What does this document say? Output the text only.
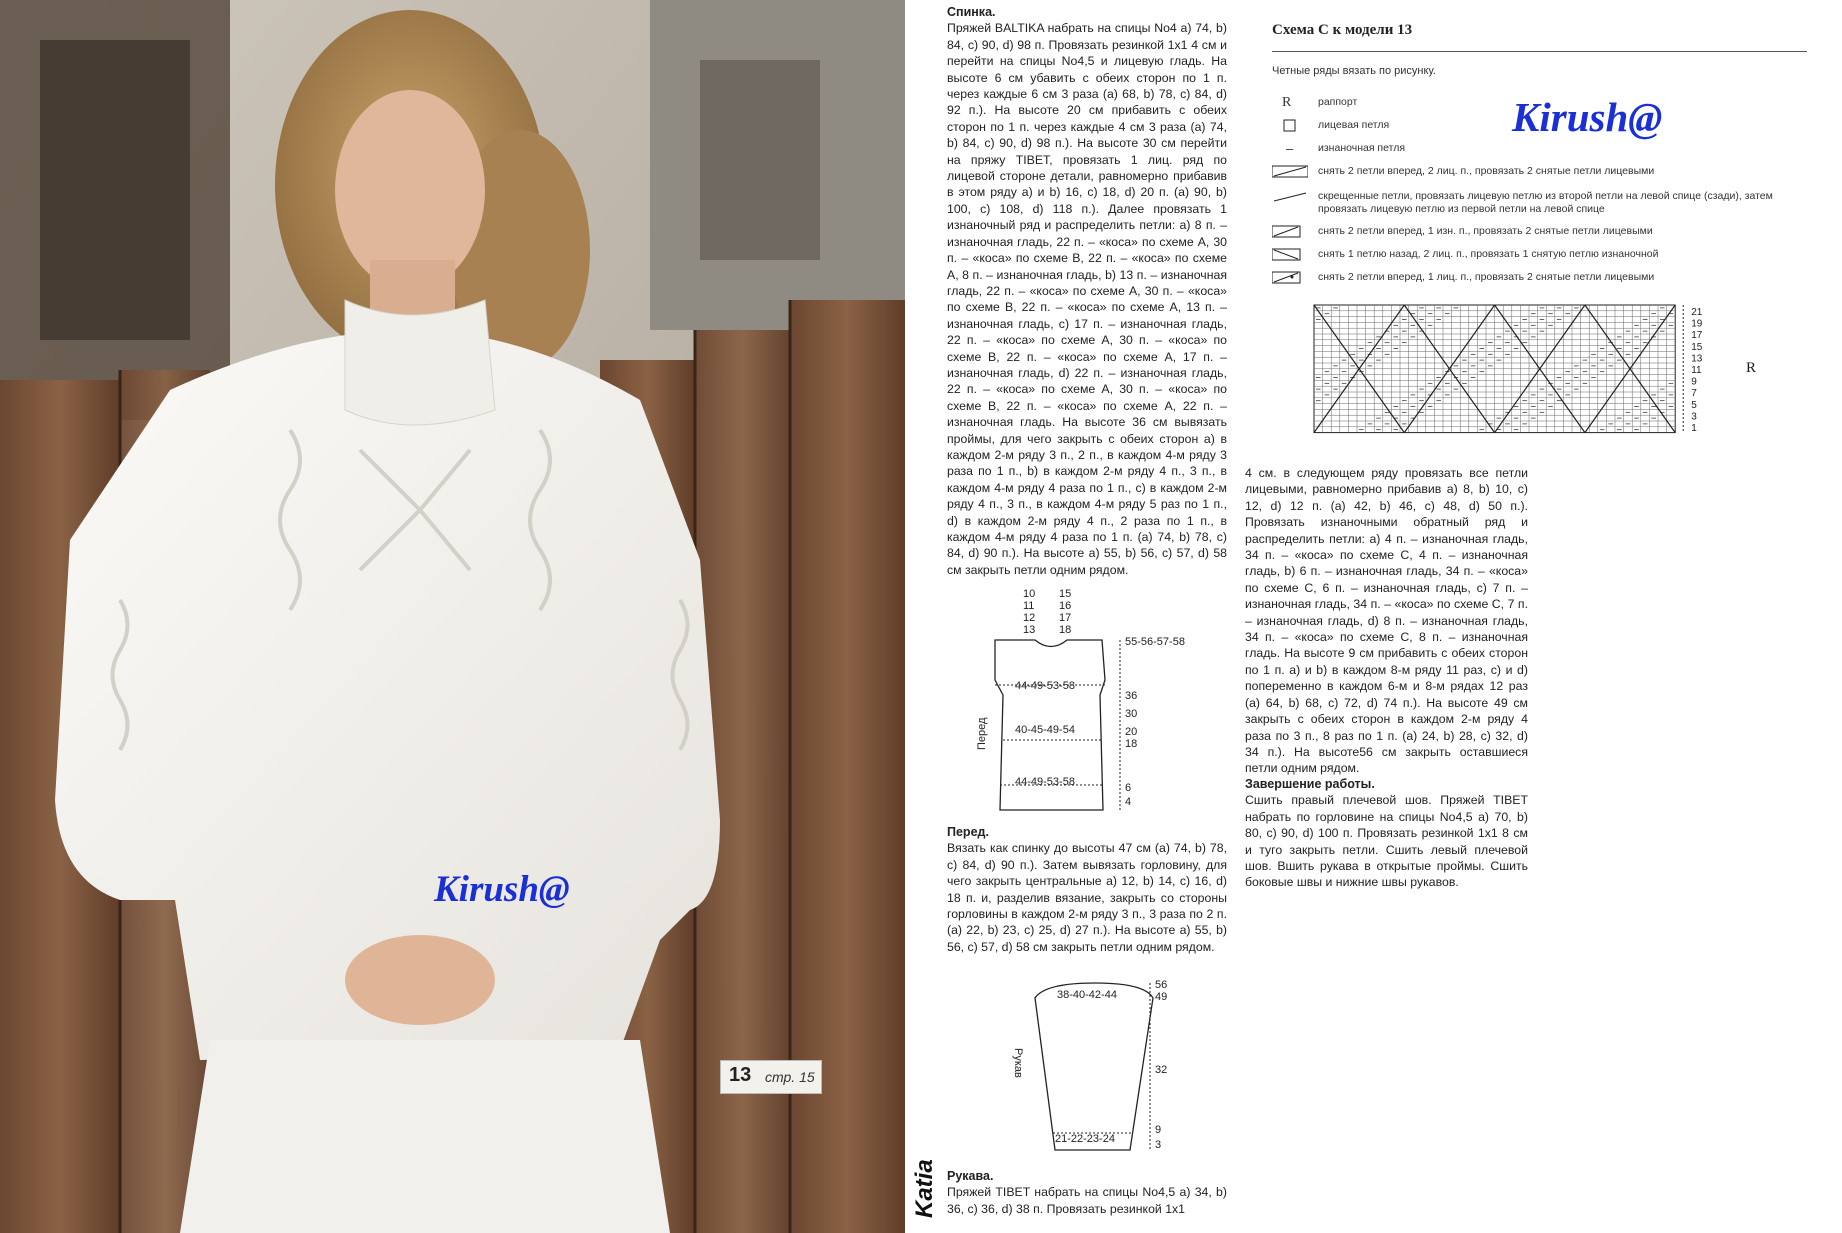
13 стр. 15
Kirush@
Спинка.

Пряжей BALTIKA набрать на спицы No4 a) 74, b) 84, c) 90, d) 98 п. Провязать резинкой 1x1 4 см и перейти на спицы No4,5 и лицевую гладь. На высоте 6 см убавить с обеих сторон по 1 п. через каждые 6 см 3 раза (a) 68, b) 78, c) 84, d) 92 п.). На высоте 20 см прибавить с обеих сторон по 1 п. через каждые 4 см 3 раза (a) 74, b) 84, c) 90, d) 98 п.). На высоте 30 см перейти на пряжу TIBET, провязать 1 лиц. ряд по лицевой стороне детали, равномерно прибавив в этом ряду a) и b) 16, c) 18, d) 20 п. (a) 90, b) 100, c) 108, d) 118 п.). Далее провязать 1 изнаночный ряд и распределить петли: a) 8 п. – изнаночная гладь, 22 п. – «коса» по схеме А, 30 п. – «коса» по схеме В, 22 п. – «коса» по схеме А, 8 п. – изнаночная гладь, b) 13 п. – изнаночная гладь, 22 п. – «коса» по схеме А, 30 п. – «коса» по схеме В, 22 п. – «коса» по схеме А, 13 п. – изнаночная гладь, c) 17 п. – изнаночная гладь, 22 п. – «коса» по схеме А, 30 п. – «коса» по схеме В, 22 п. – «коса» по схеме А, 17 п. – изнаночная гладь, d) 22 п. – изнаночная гладь, 22 п. – «коса» по схеме А, 30 п. – «коса» по схеме В, 22 п. – «коса» по схеме А, 22 п. – изнаночная гладь. На высоте 36 см вывязать проймы, для чего закрыть с обеих сторон a) в каждом 2-м ряду 3 п., 2 п., в каждом 4-м ряду 3 раза по 1 п., b) в каждом 2-м ряду 4 п., 3 п., в каждом 4-м ряду 4 раза по 1 п., c) в каждом 2-м ряду 4 п., 3 п., в каждом 4-м ряду 5 раз по 1 п., d) в каждом 2-м ряду 4 п., 2 раза по 1 п., в каждом 4-м ряду 4 раза по 1 п. (a) 74, b) 78, c) 84, d) 90 п.). На высоте a) 55, b) 56, c) 57, d) 58 см закрыть петли одним рядом.

10
11
12
13
15
16
17
18
55-56-57-58
44-49-53-58
40-45-49-54
44-49-53-58
36
30
20
18
6
4
Перед
Перед.

Вязать как спинку до высоты 47 см (a) 74, b) 78, c) 84, d) 90 п.). Затем вывязать горловину, для чего закрыть центральные a) 12, b) 14, c) 16, d) 18 п. и, разделив вязание, закрыть со стороны горловины в каждом 2-м ряду 3 п., 3 раза по 2 п. (a) 22, b) 23, c) 25, d) 27 п.). На высоте a) 55, b) 56, c) 57, d) 58 см закрыть петли одним рядом.

38-40-42-44
21-22-23-24
56
49
32
9
3
Рукав
Katia Рукава.

Пряжей TIBET набрать на спицы No4,5 a) 34, b) 36, c) 36, d) 38 п. Провязать резинкой 1x1

Схема С к модели 13
Четные ряды вязать по рисунку.
Kirush@
R	раппорт
лицевая петля
–	изнаночная петля
снять 2 петли вперед, 2 лиц. п., провязать 2 снятые петли лицевыми
скрещенные петли, провязать лицевую петлю из второй петли на левой спице (сзади), затем провязать лицевую петлю из первой петли на левой спице
снять 2 петли вперед, 1 изн. п., провязать 2 снятые петли лицевыми
снять 1 петлю назад, 2 лиц. п., провязать 1 снятую петлю изнаночной
снять 2 петли вперед, 1 лиц. п., провязать 2 снятые петли лицевыми
21
19
17
15
13
11
9
7
5
3
1
R

4 см. в следующем ряду провязать все петли лицевыми, равномерно прибавив a) 8, b) 10, c) 12, d) 12 п. (a) 42, b) 46, c) 48, d) 50 п.). Провязать изнаночными обратный ряд и распределить петли: a) 4 п. – изнаночная гладь, 34 п. – «коса» по схеме С, 4 п. – изнаночная гладь, b) 6 п. – изнаночная гладь, 34 п. – «коса» по схеме С, 6 п. – изнаночная гладь, c) 7 п. – изнаночная гладь, 34 п. – «коса» по схеме С, 7 п. – изнаночная гладь, d) 8 п. – изнаночная гладь, 34 п. – «коса» по схеме С, 8 п. – изнаночная гладь. На высоте 9 см прибавить с обеих сторон по 1 п. a) и b) в каждом 8-м ряду 11 раз, c) и d) попеременно в каждом 6-м и 8-м рядах 12 раз (a) 64, b) 68, c) 72, d) 74 п.). На высоте 49 см закрыть с обеих сторон в каждом 2-м ряду 4 раза по 3 п., 8 раз по 1 п. (a) 24, b) 28, c) 32, d) 34 п.). На высоте56 см закрыть оставшиеся петли одним рядом.

Завершение работы.

Сшить правый плечевой шов. Пряжей TIBET набрать по горловине на спицы No4,5 a) 70, b) 80, c) 90, d) 100 п. Провязать резинкой 1x1 8 см и туго закрыть петли. Сшить левый плечевой шов. Вшить рукава в открытые проймы. Сшить боковые швы и нижние швы рукавов.
